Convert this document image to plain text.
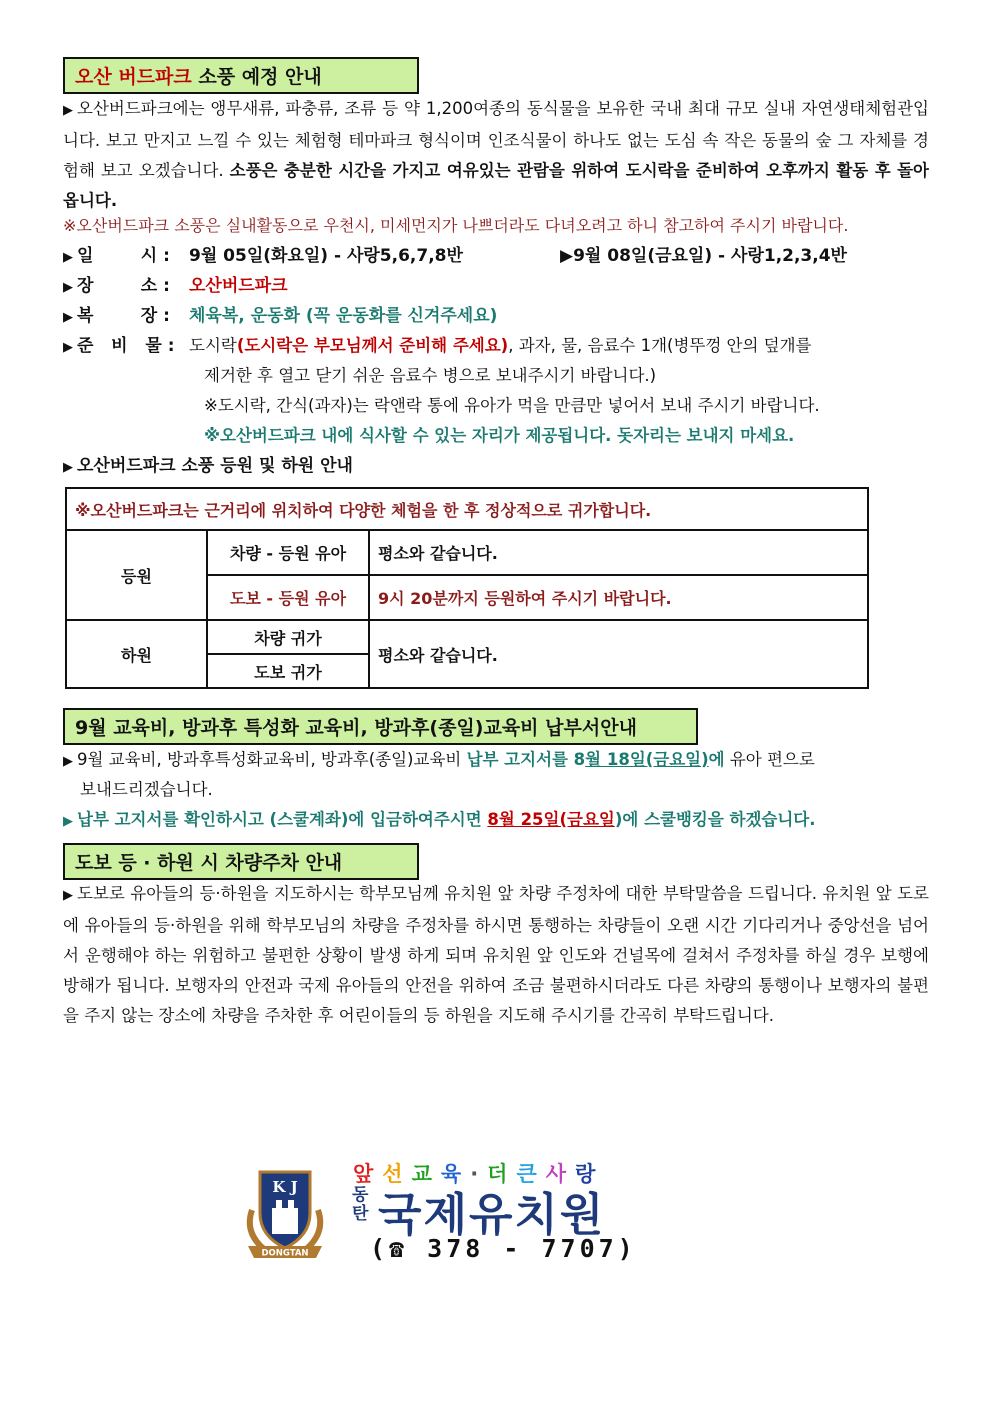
오산 버드파크 소풍 예정 안내
▶ 오산버드파크에는 앵무새류, 파충류, 조류 등 약 1,200여종의 동식물을 보유한 국내 최대 규모 실내 자연생태체험관입니다. 보고 만지고 느낄 수 있는 체험형 테마파크 형식이며 인조식물이 하나도 없는 도심 속 작은 동물의 숲 그 자체를 경험해 보고 오겠습니다. 소풍은 충분한 시간을 가지고 여유있는 관람을 위하여 도시락을 준비하여 오후까지 활동 후 돌아옵니다.
※오산버드파크 소풍은 실내활동으로 우천시, 미세먼지가 나쁘더라도 다녀오려고 하니 참고하여 주시기 바랍니다.
▶ 일        시 : 9월 05일(화요일) - 사랑5,6,7,8반	▶9월 08일(금요일) - 사랑1,2,3,4반
▶ 장        소 : 오산버드파크
▶ 복        장 : 체육복, 운동화 (꼭 운동화를 신겨주세요)
▶ 준   비   물 : 도시락(도시락은 부모님께서 준비해 주세요), 과자, 물, 음료수 1개(병뚜껑 안의 덮개를
제거한 후 열고 닫기 쉬운 음료수 병으로 보내주시기 바랍니다.)
※도시락, 간식(과자)는 락앤락 통에 유아가 먹을 만큼만 넣어서 보내 주시기 바랍니다.
※오산버드파크 내에 식사할 수 있는 자리가 제공됩니다. 돗자리는 보내지 마세요.
▶ 오산버드파크 소풍 등원 및 하원 안내
※오산버드파크는 근거리에 위치하여 다양한 체험을 한 후 정상적으로 귀가합니다.		
등원	차량 - 등원 유아	평소와 같습니다.
	도보 - 등원 유아	9시 20분까지 등원하여 주시기 바랍니다.
하원	차량 귀가	평소와 같습니다.
	도보 귀가	
9월 교육비, 방과후 특성화 교육비, 방과후(종일)교육비 납부서안내
▶ 9월 교육비, 방과후특성화교육비, 방과후(종일)교육비 납부 고지서를 8월 18일(금요일)에 유아 편으로
보내드리겠습니다.
▶ 납부 고지서를 확인하시고 (스쿨계좌)에 입금하여주시면 8월 25일(금요일)에 스쿨뱅킹을 하겠습니다.
도보 등 · 하원 시 차량주차 안내
▶ 도보로 유아들의 등·하원을 지도하시는 학부모님께 유치원 앞 차량 주정차에 대한 부탁말씀을 드립니다. 유치원 앞 도로에 유아들의 등·하원을 위해 학부모님의 차량을 주정차를 하시면 통행하는 차량들이 오랜 시간 기다리거나 중앙선을 넘어서 운행해야 하는 위험하고 불편한 상황이 발생 하게 되며 유치원 앞 인도와 건널목에 걸쳐서 주정차를 하실 경우 보행에 방해가 됩니다. 보행자의 안전과 국제 유아들의 안전을 위하여 조금 불편하시더라도 다른 차량의 통행이나 보행자의 불편을 주지 않는 장소에 차량을 주차한 후 어린이들의 등 하원을 지도해 주시기를 간곡히 부탁드립니다.
K J
DONGTAN
앞선교육·더큰사랑
동
탄 국제유치원
(☎ 378 - 7707)
